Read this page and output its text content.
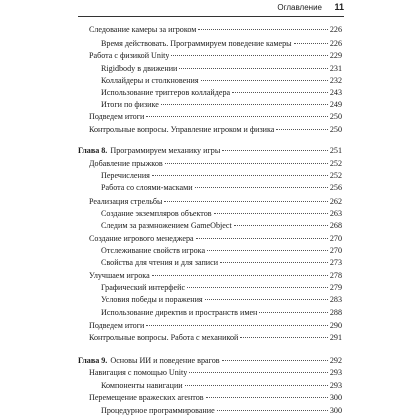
Оглавление 11
Следование камеры за игроком	226
Время действовать. Программируем поведение камеры	226
Работа с физикой Unity	229
Rigidbody в движении	231
Коллайдеры и столкновения	232
Использование триггеров коллайдера	243
Итоги по физике	249
Подведем итоги	250
Контрольные вопросы. Управление игроком и физика	250
Глава 8. Программируем механику игры	251
Добавление прыжков	252
Перечисления	252
Работа со слоями-масками	256
Реализация стрельбы	262
Создание экземпляров объектов	263
Следим за размножением GameObject	268
Создание игрового менеджера	270
Отслеживание свойств игрока	270
Свойства для чтения и для записи	273
Улучшаем игрока	278
Графический интерфейс	279
Условия победы и поражения	283
Использование директив и пространств имен	288
Подведем итоги	290
Контрольные вопросы. Работа с механикой	291
Глава 9. Основы ИИ и поведение врагов	292
Навигация с помощью Unity	293
Компоненты навигации	293
Перемещение вражеских агентов	300
Процедурное программирование	300
